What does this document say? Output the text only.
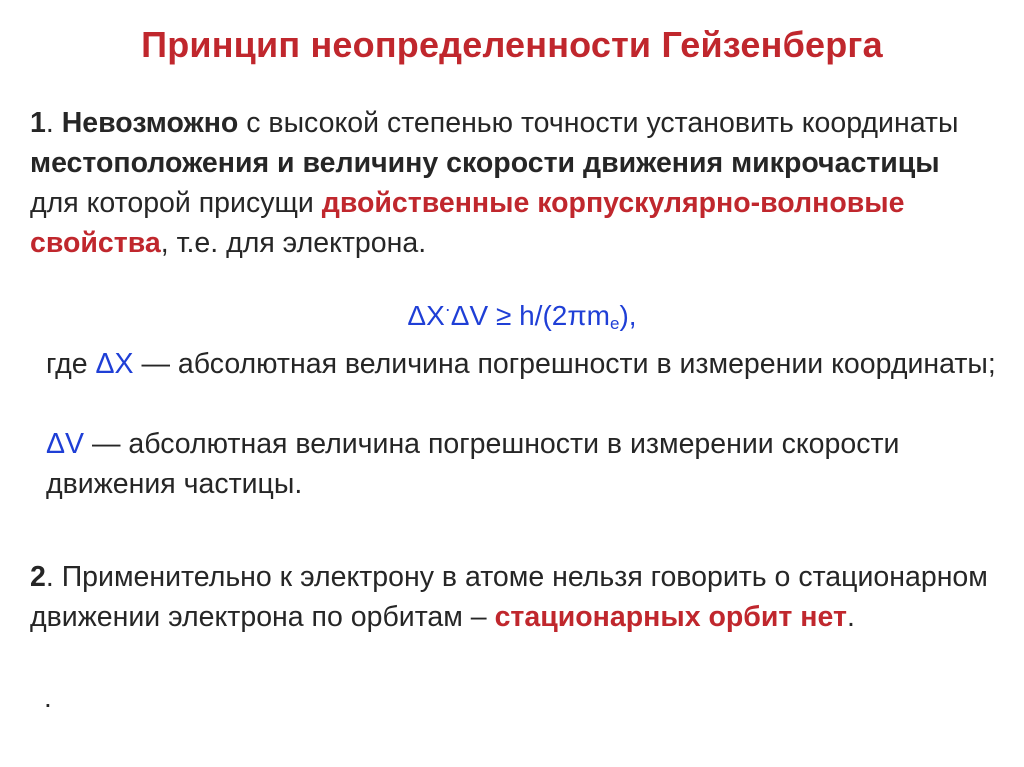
Принцип неопределенности Гейзенберга
1. Невозможно с высокой степенью точности установить координаты местоположения и величину скорости движения микрочастицы для которой присущи двойственные корпускулярно-волновые свойства, т.е. для электрона.
$\Delta X^\cdot\Delta V \ge h/(2\pi m_e)$,
где ΔX — абсолютная величина погрешности в измерении координаты;
ΔV — абсолютная величина погрешности в измерении скорости движения частицы.
2. Применительно к электрону в атоме нельзя говорить о стационарном движении электрона по орбитам – стационарных орбит нет.
.
